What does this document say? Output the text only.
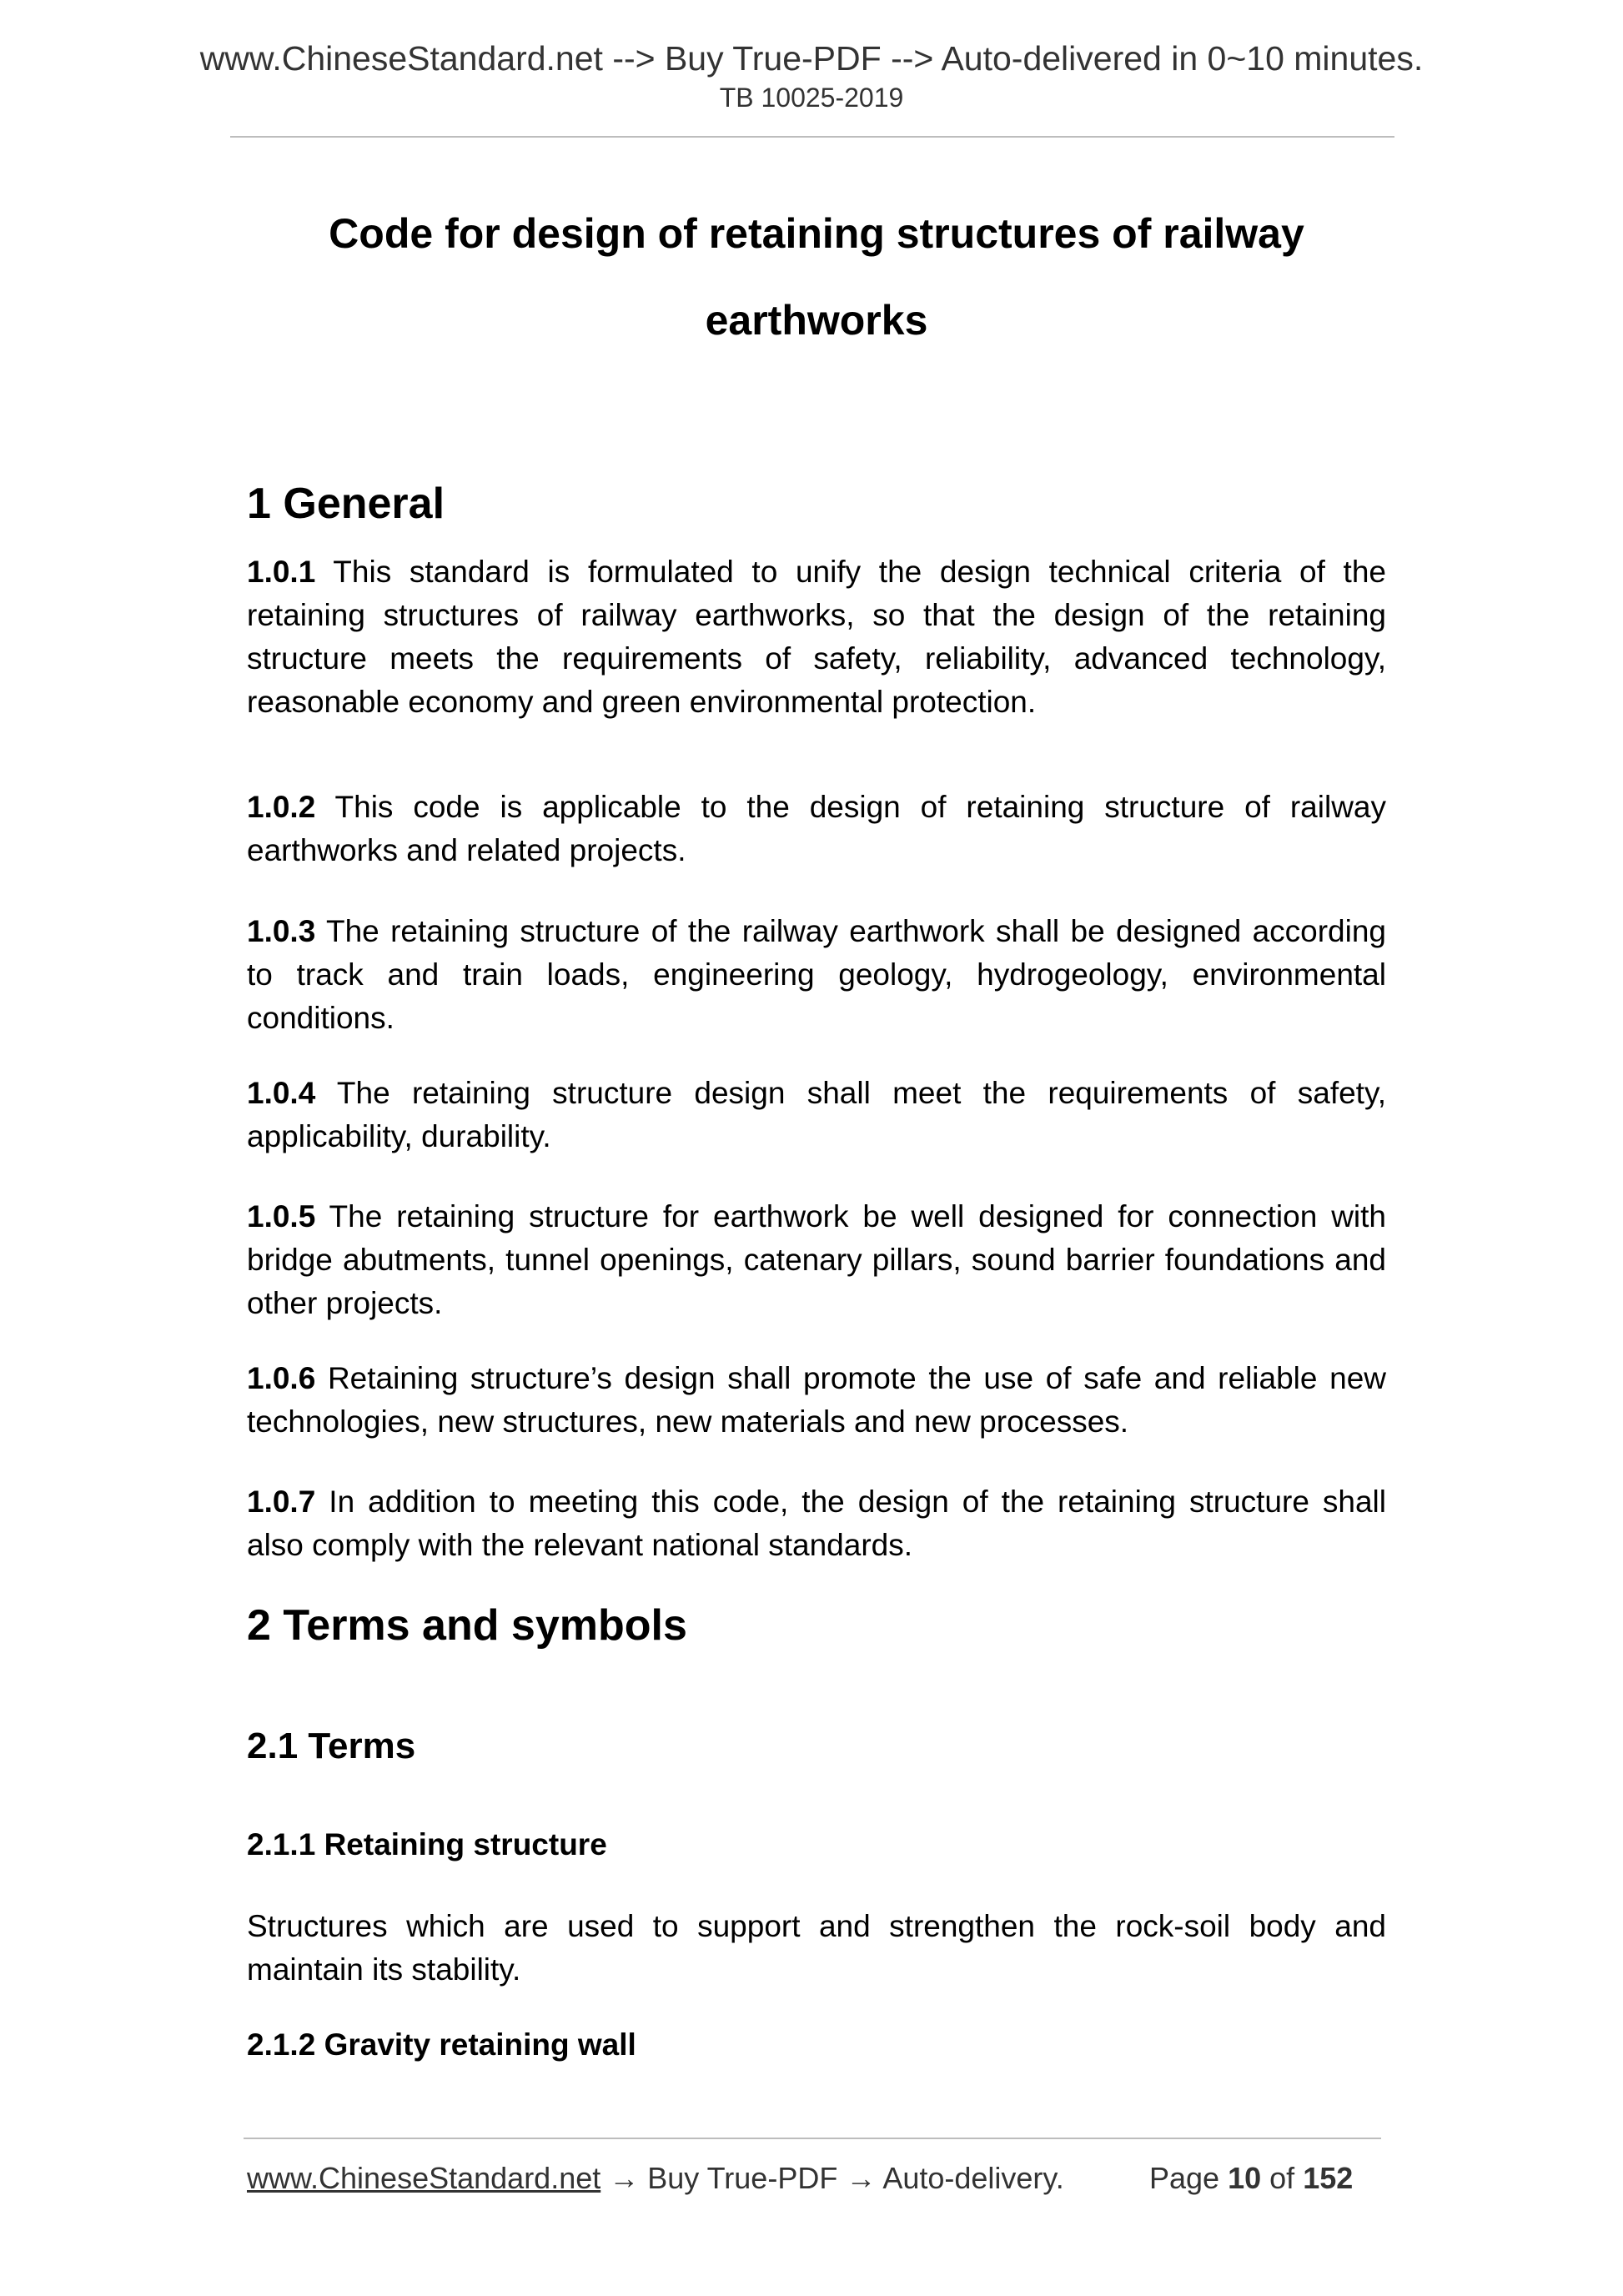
www.ChineseStandard.net --> Buy True-PDF --> Auto-delivered in 0~10 minutes.
TB 10025-2019
Code for design of retaining structures of railway
earthworks
1 General

1.0.1 This standard is formulated to unify the design technical criteria of the retaining structures of railway earthworks, so that the design of the retaining structure meets the requirements of safety, reliability, advanced technology, reasonable economy and green environmental protection.

1.0.2 This code is applicable to the design of retaining structure of railway earthworks and related projects.

1.0.3 The retaining structure of the railway earthwork shall be designed according to track and train loads, engineering geology, hydrogeology, environmental conditions.

1.0.4 The retaining structure design shall meet the requirements of safety, applicability, durability.

1.0.5 The retaining structure for earthwork be well designed for connection with bridge abutments, tunnel openings, catenary pillars, sound barrier foundations and other projects.

1.0.6 Retaining structure’s design shall promote the use of safe and reliable new technologies, new structures, new materials and new processes.

1.0.7 In addition to meeting this code, the design of the retaining structure shall also comply with the relevant national standards.

2 Terms and symbols
2.1 Terms
2.1.1 Retaining structure

Structures which are used to support and strengthen the rock-soil body and maintain its stability.

2.1.2 Gravity retaining wall
www.ChineseStandard.net → Buy True-PDF → Auto-delivery.	Page 10 of 152
